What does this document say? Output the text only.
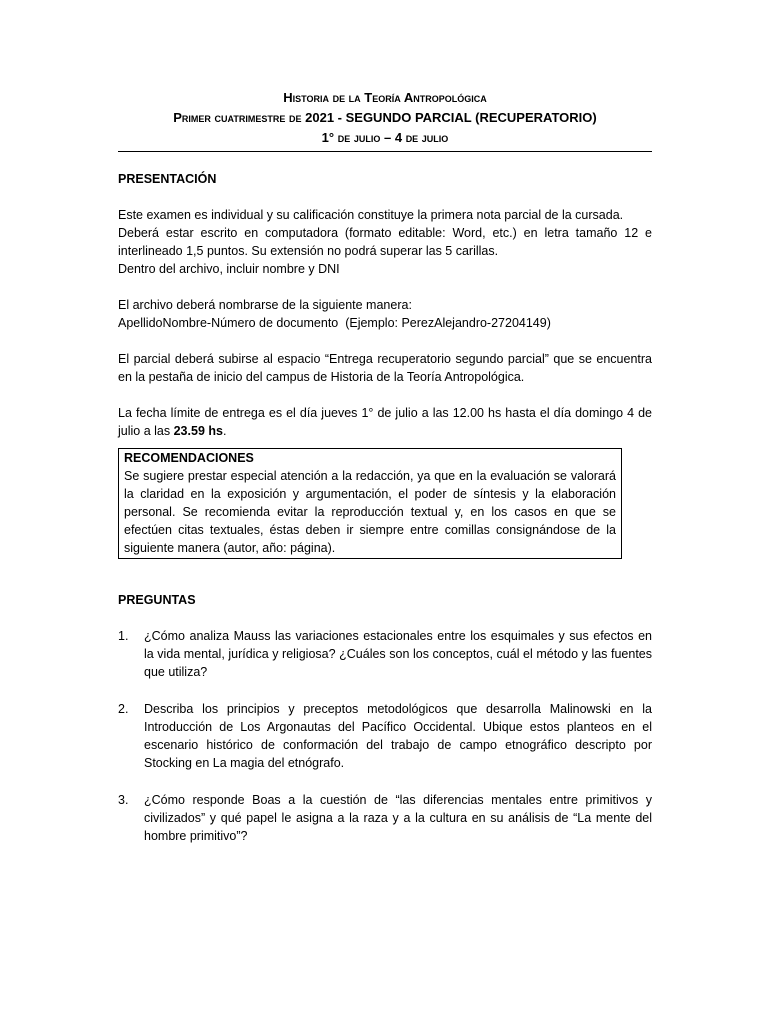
Historia de la Teoría Antropológica
Primer cuatrimestre de 2021 - SEGUNDO PARCIAL (RECUPERATORIO)
1° de julio – 4 de julio
PRESENTACIÓN

Este examen es individual y su calificación constituye la primera nota parcial de la cursada.

Deberá estar escrito en computadora (formato editable: Word, etc.) en letra tamaño 12 e interlineado 1,5 puntos. Su extensión no podrá superar las 5 carillas.

Dentro del archivo, incluir nombre y DNI

El archivo deberá nombrarse de la siguiente manera:

ApellidoNombre-Número de documento  (Ejemplo: PerezAlejandro-27204149)

El parcial deberá subirse al espacio “Entrega recuperatorio segundo parcial” que se encuentra en la pestaña de inicio del campus de Historia de la Teoría Antropológica.

La fecha límite de entrega es el día jueves 1° de julio a las 12.00 hs hasta el día domingo 4 de julio a las 23.59 hs.

RECOMENDACIONES

Se sugiere prestar especial atención a la redacción, ya que en la evaluación se valorará la claridad en la exposición y argumentación, el poder de síntesis y la elaboración personal. Se recomienda evitar la reproducción textual y, en los casos en que se efectúen citas textuales, éstas deben ir siempre entre comillas consignándose de la siguiente manera (autor, año: página).

PREGUNTAS
1.	¿Cómo analiza Mauss las variaciones estacionales entre los esquimales y sus efectos en la vida mental, jurídica y religiosa? ¿Cuáles son los conceptos, cuál el método y las fuentes que utiliza?
2.	Describa los principios y preceptos metodológicos que desarrolla Malinowski en la Introducción de Los Argonautas del Pacífico Occidental. Ubique estos planteos en el escenario histórico de conformación del trabajo de campo etnográfico descripto por Stocking en La magia del etnógrafo.
3.	¿Cómo responde Boas a la cuestión de “las diferencias mentales entre primitivos y civilizados” y qué papel le asigna a la raza y a la cultura en su análisis de “La mente del hombre primitivo”?
